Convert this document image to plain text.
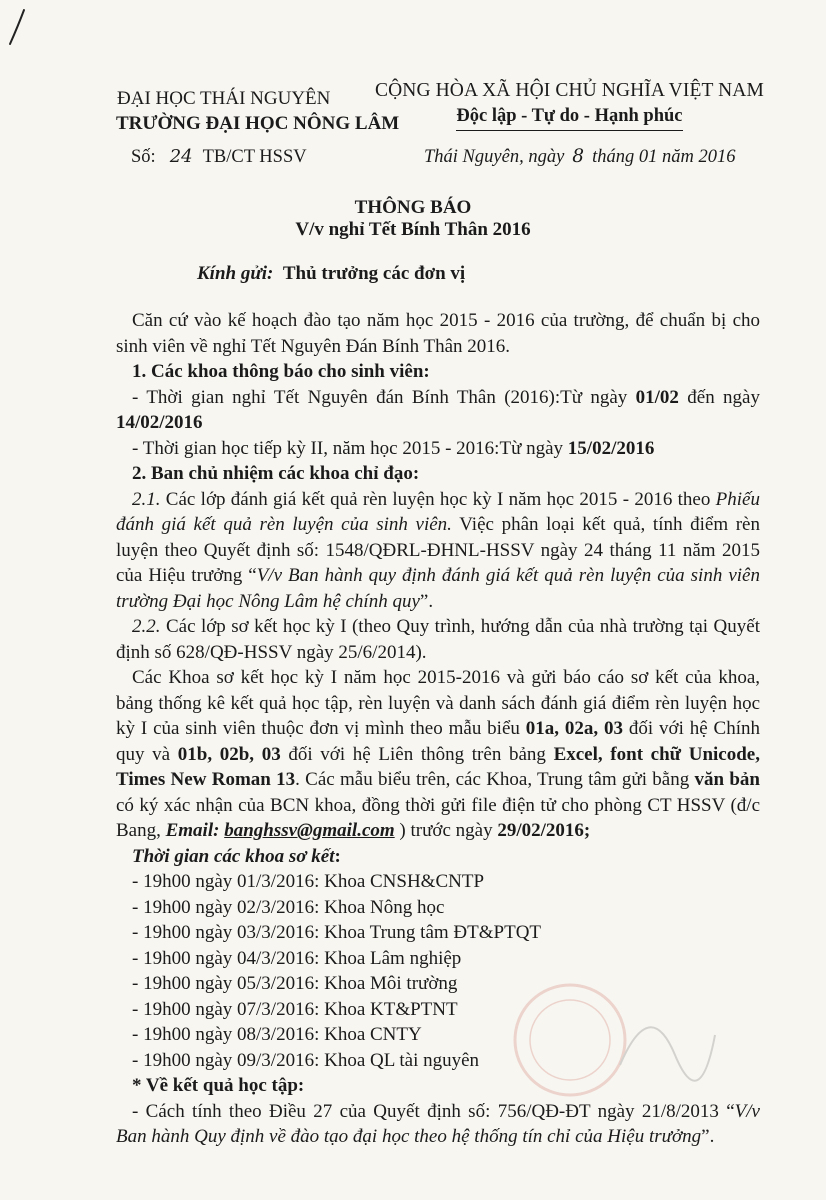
ĐẠI HỌC THÁI NGUYÊN
TRƯỜNG ĐẠI HỌC NÔNG LÂM
CỘNG HÒA XÃ HỘI CHỦ NGHĨA VIỆT NAM
Độc lập - Tự do - Hạnh phúc
Số: 24 TB/CT HSSV	Thái Nguyên, ngày 8 tháng 01 năm 2016
THÔNG BÁO
V/v nghỉ Tết Bính Thân 2016
Kính gửi: Thủ trưởng các đơn vị

Căn cứ vào kế hoạch đào tạo năm học 2015 - 2016 của trường, để chuẩn bị cho sinh viên về nghỉ Tết Nguyên Đán Bính Thân 2016.

1. Các khoa thông báo cho sinh viên:

- Thời gian nghỉ Tết Nguyên đán Bính Thân (2016):Từ ngày 01/02 đến ngày 14/02/2016

- Thời gian học tiếp kỳ II, năm học 2015 - 2016:Từ ngày 15/02/2016

2. Ban chủ nhiệm các khoa chỉ đạo:

2.1. Các lớp đánh giá kết quả rèn luyện học kỳ I năm học 2015 - 2016 theo Phiếu đánh giá kết quả rèn luyện của sinh viên. Việc phân loại kết quả, tính điểm rèn luyện theo Quyết định số: 1548/QĐRL-ĐHNL-HSSV ngày 24 tháng 11 năm 2015 của Hiệu trưởng “V/v Ban hành quy định đánh giá kết quả rèn luyện của sinh viên trường Đại học Nông Lâm hệ chính quy”.

2.2. Các lớp sơ kết học kỳ I (theo Quy trình, hướng dẫn của nhà trường tại Quyết định số 628/QĐ-HSSV ngày 25/6/2014).

Các Khoa sơ kết học kỳ I năm học 2015-2016 và gửi báo cáo sơ kết của khoa, bảng thống kê kết quả học tập, rèn luyện và danh sách đánh giá điểm rèn luyện học kỳ I của sinh viên thuộc đơn vị mình theo mẫu biểu 01a, 02a, 03 đối với hệ Chính quy và 01b, 02b, 03 đối với hệ Liên thông trên bảng Excel, font chữ Unicode, Times New Roman 13. Các mẫu biểu trên, các Khoa, Trung tâm gửi bằng văn bản có ký xác nhận của BCN khoa, đồng thời gửi file điện tử cho phòng CT HSSV (đ/c Bang, Email: banghssv@gmail.com ) trước ngày 29/02/2016;

Thời gian các khoa sơ kết:

- 19h00 ngày 01/3/2016: Khoa CNSH&CNTP

- 19h00 ngày 02/3/2016: Khoa Nông học

- 19h00 ngày 03/3/2016: Khoa Trung tâm ĐT&PTQT

- 19h00 ngày 04/3/2016: Khoa Lâm nghiệp

- 19h00 ngày 05/3/2016: Khoa Môi trường

- 19h00 ngày 07/3/2016: Khoa KT&PTNT

- 19h00 ngày 08/3/2016: Khoa CNTY

- 19h00 ngày 09/3/2016: Khoa QL tài nguyên

* Về kết quả học tập:

- Cách tính theo Điều 27 của Quyết định số: 756/QĐ-ĐT ngày 21/8/2013 “V/v Ban hành Quy định về đào tạo đại học theo hệ thống tín chỉ của Hiệu trưởng”.
